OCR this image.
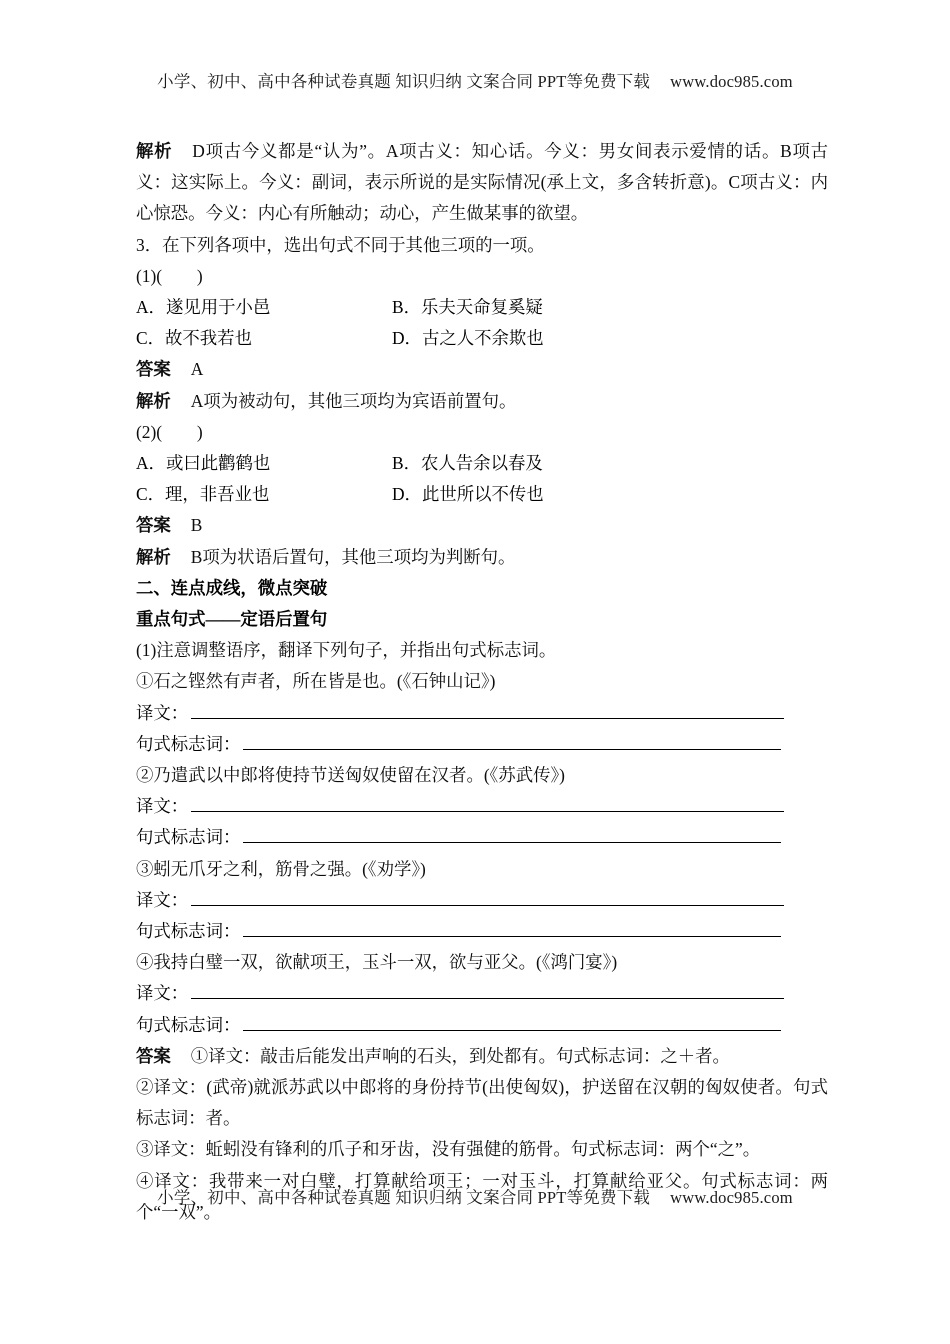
小学、初中、高中各种试卷真题 知识归纳 文案合同 PPT等免费下载 www.doc985.com
解析 D项古今义都是“认为”。A项古义：知心话。今义：男女间表示爱情的话。B项古义：这实际上。今义：副词，表示所说的是实际情况(承上文，多含转折意)。C项古义：内心惊恐。今义：内心有所触动；动心，产生做某事的欲望。
3．在下列各项中，选出句式不同于其他三项的一项。
(1)(　　)
A．遂见用于小邑	B．乐夫天命复奚疑
C．故不我若也	D．古之人不余欺也
答案 A
解析 A项为被动句，其他三项均为宾语前置句。
(2)(　　)
A．或曰此鹳鹤也	B．农人告余以春及
C．理，非吾业也	D．此世所以不传也
答案 B
解析 B项为状语后置句，其他三项均为判断句。
二、连点成线，微点突破
重点句式——定语后置句
(1)注意调整语序，翻译下列句子，并指出句式标志词。
①石之铿然有声者，所在皆是也。(《石钟山记》)
译文：
句式标志词：
②乃遣武以中郎将使持节送匈奴使留在汉者。(《苏武传》)
译文：
句式标志词：
③蚓无爪牙之利，筋骨之强。(《劝学》)
译文：
句式标志词：
④我持白璧一双，欲献项王，玉斗一双，欲与亚父。(《鸿门宴》)
译文：
句式标志词：
答案 ①译文：敲击后能发出声响的石头，到处都有。句式标志词：之＋者。
②译文：(武帝)就派苏武以中郎将的身份持节(出使匈奴)，护送留在汉朝的匈奴使者。句式标志词：者。
③译文：蚯蚓没有锋利的爪子和牙齿，没有强健的筋骨。句式标志词：两个“之”。
④译文：我带来一对白璧，打算献给项王；一对玉斗，打算献给亚父。句式标志词：两个“一双”。
小学、初中、高中各种试卷真题 知识归纳 文案合同 PPT等免费下载 www.doc985.com
